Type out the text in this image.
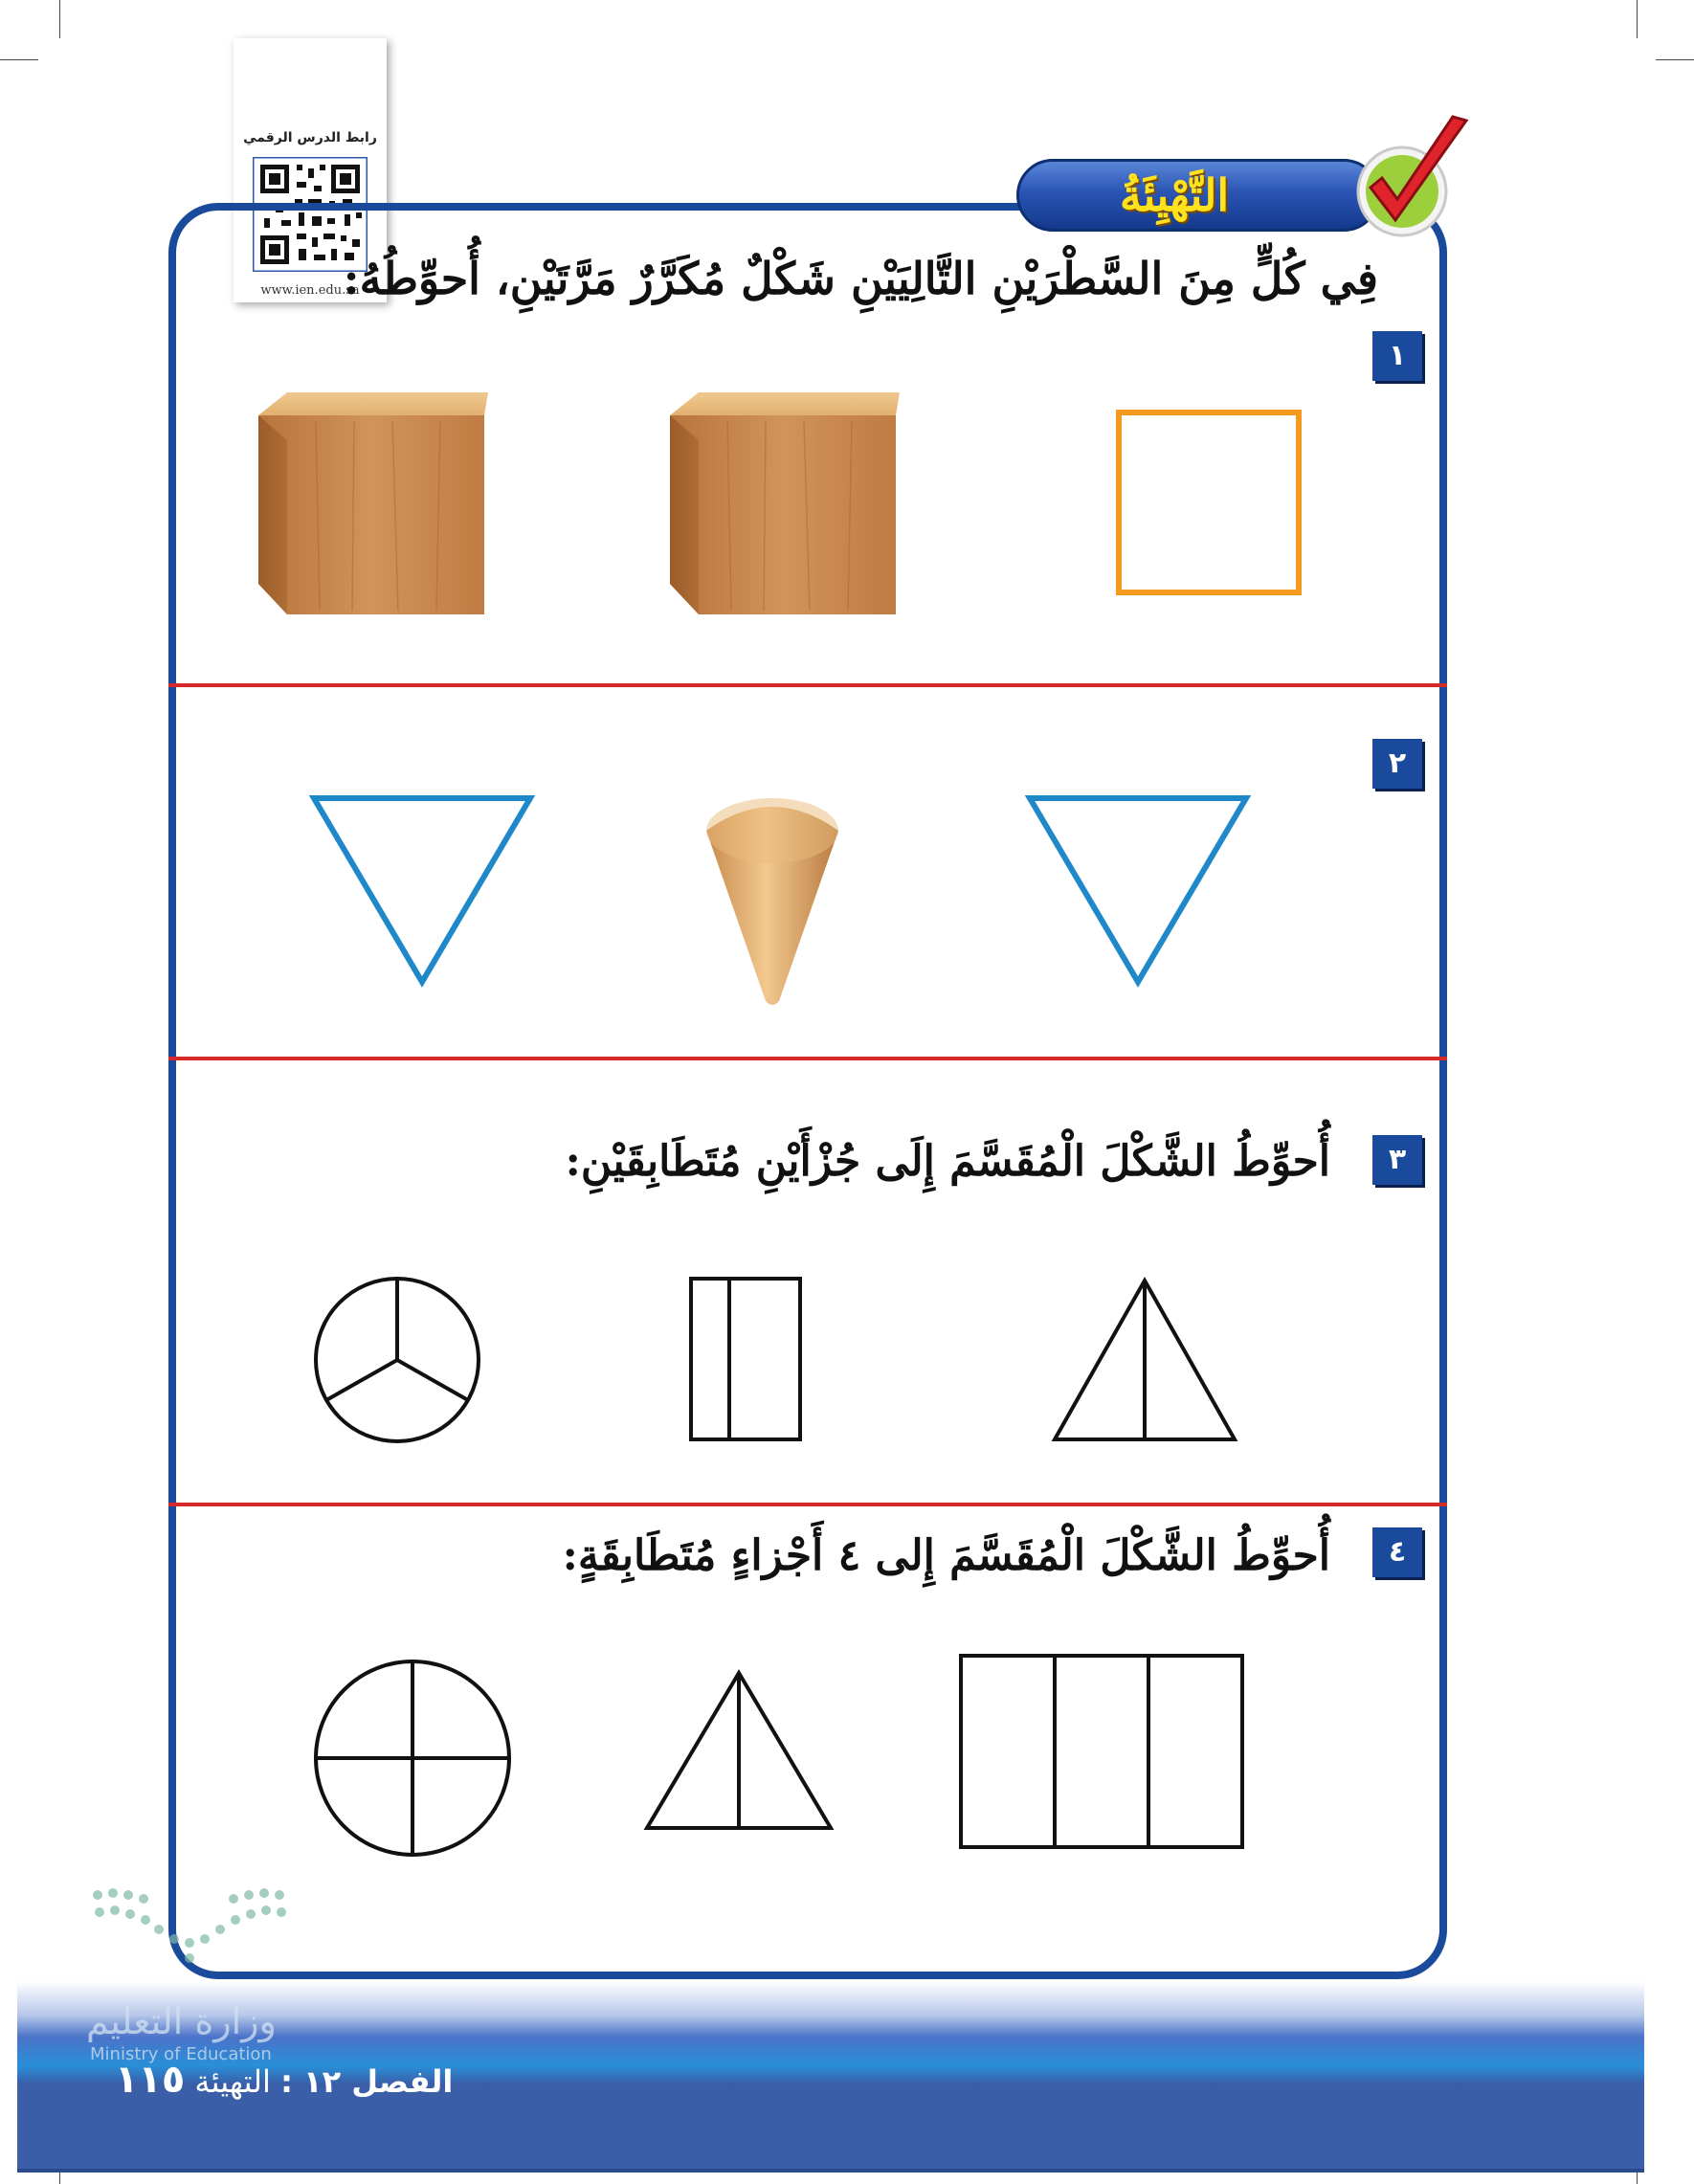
رابط الدرس الرقمي
www.ien.edu.sa
التَّهْيِئَةُ
فِي كُلٍّ مِنَ السَّطْرَيْنِ التَّالِيَيْنِ شَكْلٌ مُكَرَّرٌ مَرَّتَيْنِ، أُحوِّطُهُ:
أُحوِّطُ الشَّكْلَ الْمُقَسَّمَ إِلَى جُزْأَيْنِ مُتَطَابِقَيْنِ:
أُحوِّطُ الشَّكْلَ الْمُقَسَّمَ إِلى ٤ أَجْزاءٍ مُتَطَابِقَةٍ:
١
٢
٣
٤
وزارة التعليم
Ministry of Education
الفصل ١٢ : التهيئة ١١٥
